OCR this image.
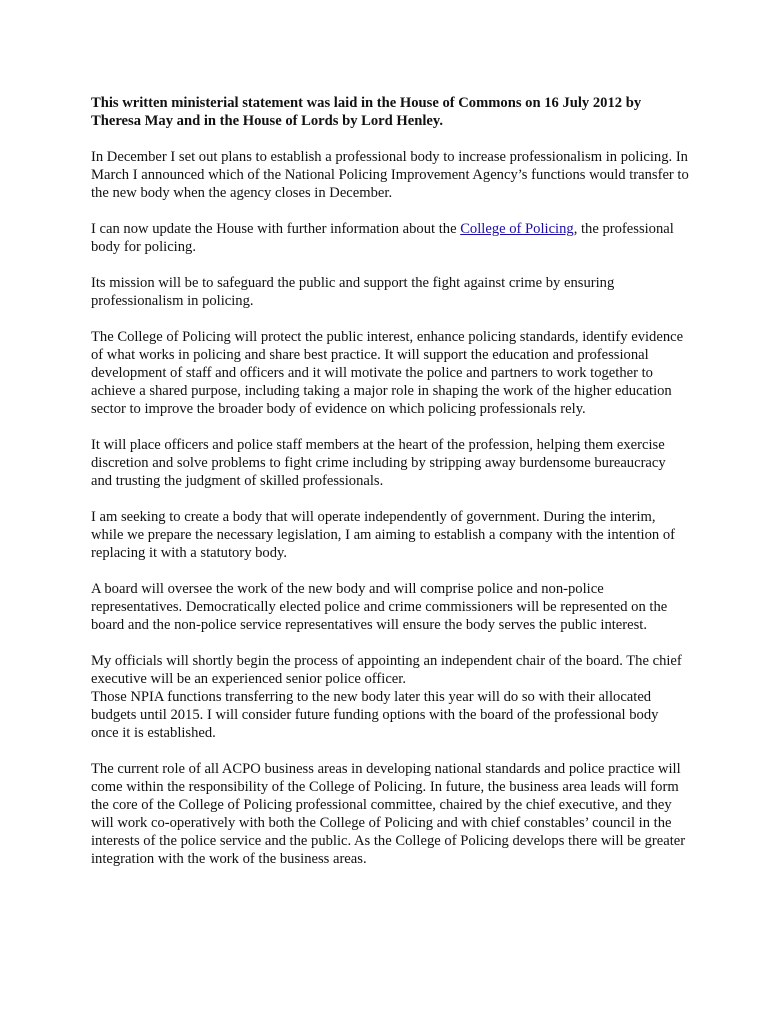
This written ministerial statement was laid in the House of Commons on 16 July 2012 by Theresa May and in the House of Lords by Lord Henley.

In December I set out plans to establish a professional body to increase professionalism in policing. In March I announced which of the National Policing Improvement Agency’s functions would transfer to the new body when the agency closes in December.

I can now update the House with further information about the College of Policing, the professional body for policing.

Its mission will be to safeguard the public and support the fight against crime by ensuring professionalism in policing.

The College of Policing will protect the public interest, enhance policing standards, identify evidence of what works in policing and share best practice. It will support the education and professional development of staff and officers and it will motivate the police and partners to work together to achieve a shared purpose, including taking a major role in shaping the work of the higher education sector to improve the broader body of evidence on which policing professionals rely.

It will place officers and police staff members at the heart of the profession, helping them exercise discretion and solve problems to fight crime including by stripping away burdensome bureaucracy and trusting the judgment of skilled professionals.

I am seeking to create a body that will operate independently of government. During the interim, while we prepare the necessary legislation, I am aiming to establish a company with the intention of replacing it with a statutory body.

A board will oversee the work of the new body and will comprise police and non-police representatives. Democratically elected police and crime commissioners will be represented on the board and the non-police service representatives will ensure the body serves the public interest.

My officials will shortly begin the process of appointing an independent chair of the board. The chief executive will be an experienced senior police officer.

Those NPIA functions transferring to the new body later this year will do so with their allocated budgets until 2015. I will consider future funding options with the board of the professional body once it is established.

The current role of all ACPO business areas in developing national standards and police practice will come within the responsibility of the College of Policing. In future, the business area leads will form the core of the College of Policing professional committee, chaired by the chief executive, and they will work co-operatively with both the College of Policing and with chief constables’ council in the interests of the police service and the public. As the College of Policing develops there will be greater integration with the work of the business areas.
